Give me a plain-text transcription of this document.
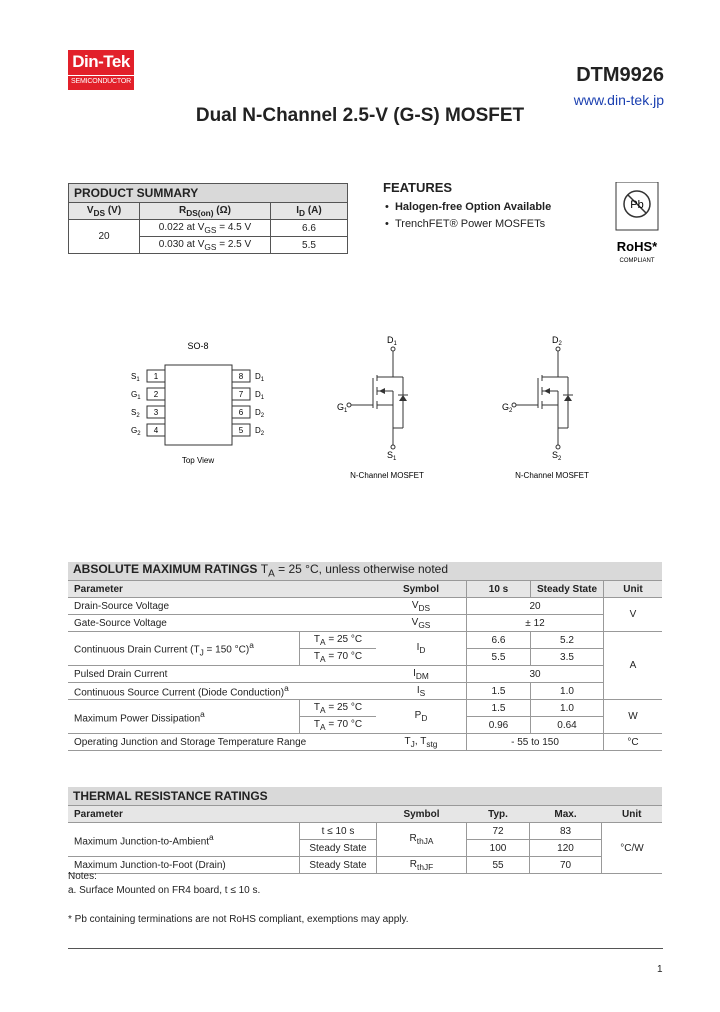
Din-Tek
SEMICONDUCTOR	DTM9926
www.din-tek.jp
Dual N-Channel 2.5-V (G-S) MOSFET
PRODUCT SUMMARY		
$V_{DS}$ (V)	$R_{DS(on)}$ (Ω)	$I_D$ (A)
20	0.022 at $V_{GS} = 4.5$ V	6.6
	0.030 at $V_{GS} = 2.5$ V	5.5
FEATURES
•  Halogen-free Option Available
•  TrenchFET® Power MOSFETs
Pb
RoHS*
COMPLIANT
SO-8
1
2
3
4
$S_1$
$G_1$
$S_2$
$G_2$
8
7
6
5
$D_1$
$D_1$
$D_2$
$D_2$
Top View
$D_1$
$G_1$
$S_1$
N-Channel MOSFET
$D_2$
$G_2$
$S_2$
N-Channel MOSFET
ABSOLUTE MAXIMUM RATINGS $T_A = 25$ °C, unless otherwise noted					
Parameter		Symbol	10 s	Steady State	Unit
Drain-Source Voltage		$V_{DS}$	20		V
Gate-Source Voltage		$V_{GS}$	± 12		
Continuous Drain Current ($T_J = 150$ °C)$^a$	$T_A = 25$ °C	$I_D$	6.6	5.2	A
	$T_A = 70$ °C		5.5	3.5	
Pulsed Drain Current		$I_{DM}$	30		
Continuous Source Current (Diode Conduction)$^a$		$I_S$	1.5	1.0	
Maximum Power Dissipation$^a$	$T_A = 25$ °C	$P_D$	1.5	1.0	W
	$T_A = 70$ °C		0.96	0.64	
Operating Junction and Storage Temperature Range		$T_J$, $T_{stg}$	- 55 to 150		°C
THERMAL RESISTANCE RATINGS					
Parameter		Symbol	Typ.	Max.	Unit
Maximum Junction-to-Ambient$^a$	t ≤ 10 s	$R_{thJA}$	72	83	°C/W
	Steady State		100	120	
Maximum Junction-to-Foot (Drain)	Steady State	$R_{thJF}$	55	70	
Notes:
a. Surface Mounted on FR4 board, t ≤ 10 s.
* Pb containing terminations are not RoHS compliant, exemptions may apply.
1
